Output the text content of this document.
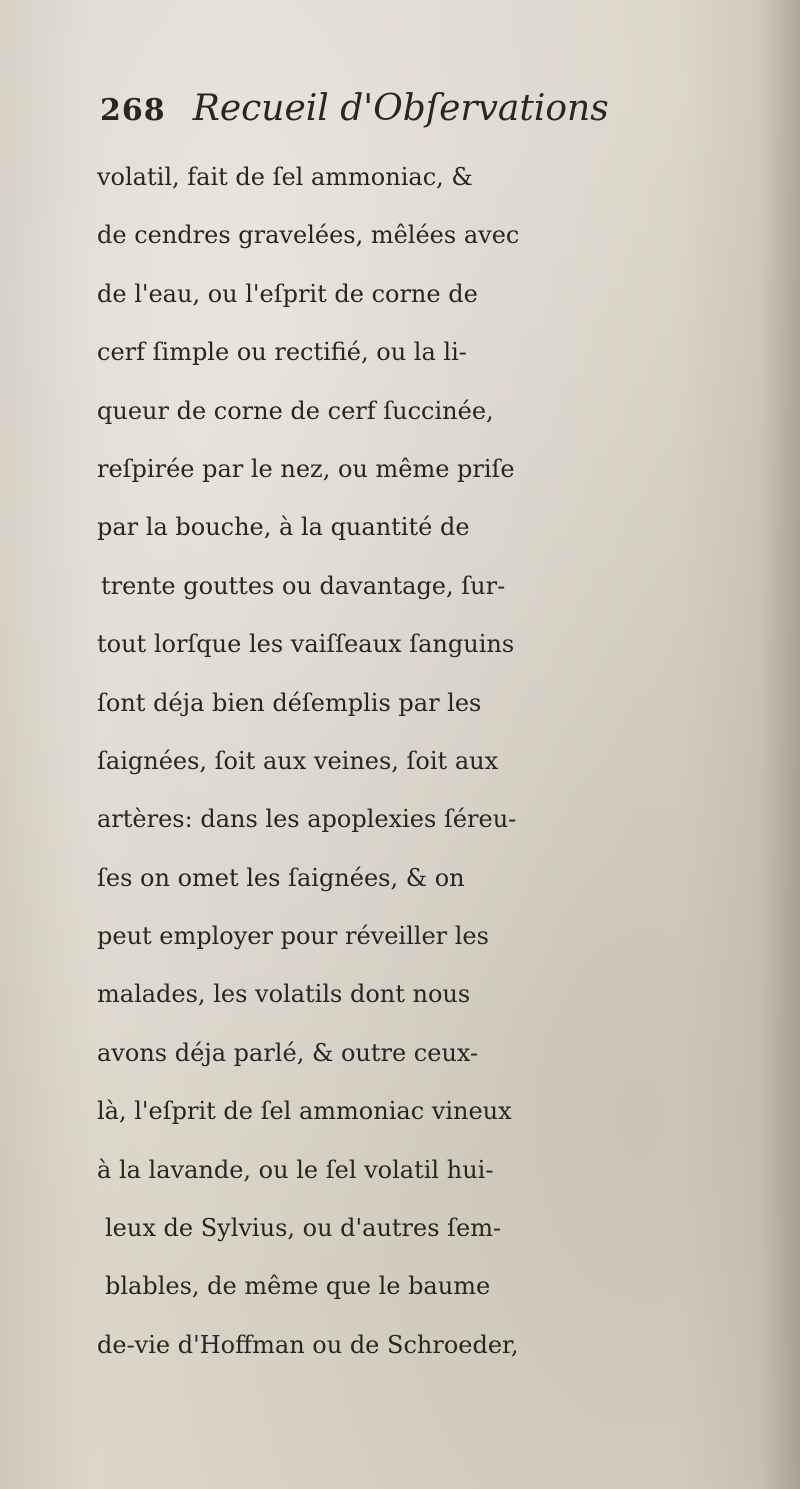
268 Recueil d'Obſervations
volatil, fait de ſel ammoniac, &
de cendres gravelées, mêlées avec
de l'eau, ou l'eſprit de corne de
cerf ſimple ou rectifié, ou la li-
queur de corne de cerf ſuccinée,
reſpirée par le nez, ou même priſe
par la bouche, à la quantité de
trente gouttes ou davantage, ſur-
tout lorſque les vaiſſeaux ſanguins
ſont déja bien déſemplis par les
ſaignées, ſoit aux veines, ſoit aux
artères: dans les apoplexies ſéreu-
ſes on omet les ſaignées, & on
peut employer pour réveiller les
malades, les volatils dont nous
avons déja parlé, & outre ceux-
là, l'eſprit de ſel ammoniac vineux
à la lavande, ou le ſel volatil hui-
leux de Sylvius, ou d'autres ſem-
blables, de même que le baume
de-vie d'Hoffman ou de Schroeder,
